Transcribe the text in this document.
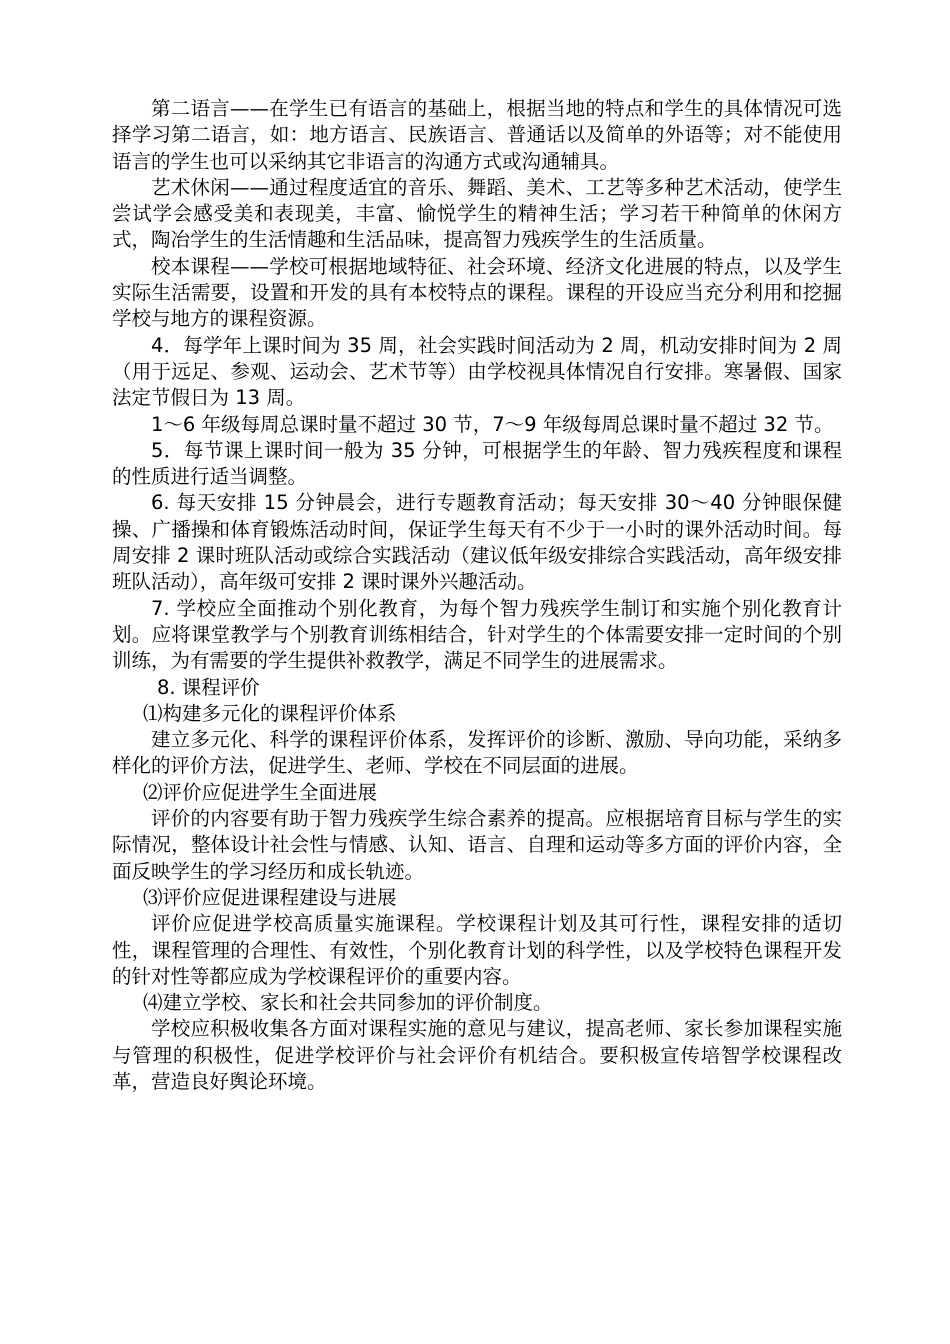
第二语言——在学生已有语言的基础上，根据当地的特点和学生的具体情况可选择学习第二语言，如：地方语言、民族语言、普通话以及简单的外语等；对不能使用语言的学生也可以采纳其它非语言的沟通方式或沟通辅具。

艺术休闲——通过程度适宜的音乐、舞蹈、美术、工艺等多种艺术活动，使学生尝试学会感受美和表现美，丰富、愉悦学生的精神生活；学习若干种简单的休闲方式，陶冶学生的生活情趣和生活品味，提高智力残疾学生的生活质量。

校本课程——学校可根据地域特征、社会环境、经济文化进展的特点，以及学生实际生活需要，设置和开发的具有本校特点的课程。课程的开设应当充分利用和挖掘学校与地方的课程资源。

4．每学年上课时间为 35 周，社会实践时间活动为 2 周，机动安排时间为 2 周（用于远足、参观、运动会、艺术节等）由学校视具体情况自行安排。寒暑假、国家法定节假日为 13 周。

1～6 年级每周总课时量不超过 30 节，7～9 年级每周总课时量不超过 32 节。

5．每节课上课时间一般为 35 分钟，可根据学生的年龄、智力残疾程度和课程的性质进行适当调整。

6. 每天安排 15 分钟晨会，进行专题教育活动；每天安排 30～40 分钟眼保健操、广播操和体育锻炼活动时间，保证学生每天有不少于一小时的课外活动时间。每周安排 2 课时班队活动或综合实践活动（建议低年级安排综合实践活动，高年级安排班队活动），高年级可安排 2 课时课外兴趣活动。

7. 学校应全面推动个别化教育，为每个智力残疾学生制订和实施个别化教育计划。应将课堂教学与个别教育训练相结合，针对学生的个体需要安排一定时间的个别训练，为有需要的学生提供补救教学，满足不同学生的进展需求。

8. 课程评价

⑴构建多元化的课程评价体系

建立多元化、科学的课程评价体系，发挥评价的诊断、激励、导向功能，采纳多样化的评价方法，促进学生、老师、学校在不同层面的进展。

⑵评价应促进学生全面进展

评价的内容要有助于智力残疾学生综合素养的提高。应根据培育目标与学生的实际情况，整体设计社会性与情感、认知、语言、自理和运动等多方面的评价内容，全面反映学生的学习经历和成长轨迹。

⑶评价应促进课程建设与进展

评价应促进学校高质量实施课程。学校课程计划及其可行性，课程安排的适切性，课程管理的合理性、有效性，个别化教育计划的科学性，以及学校特色课程开发的针对性等都应成为学校课程评价的重要内容。

⑷建立学校、家长和社会共同参加的评价制度。

学校应积极收集各方面对课程实施的意见与建议，提高老师、家长参加课程实施与管理的积极性，促进学校评价与社会评价有机结合。要积极宣传培智学校课程改革，营造良好舆论环境。
